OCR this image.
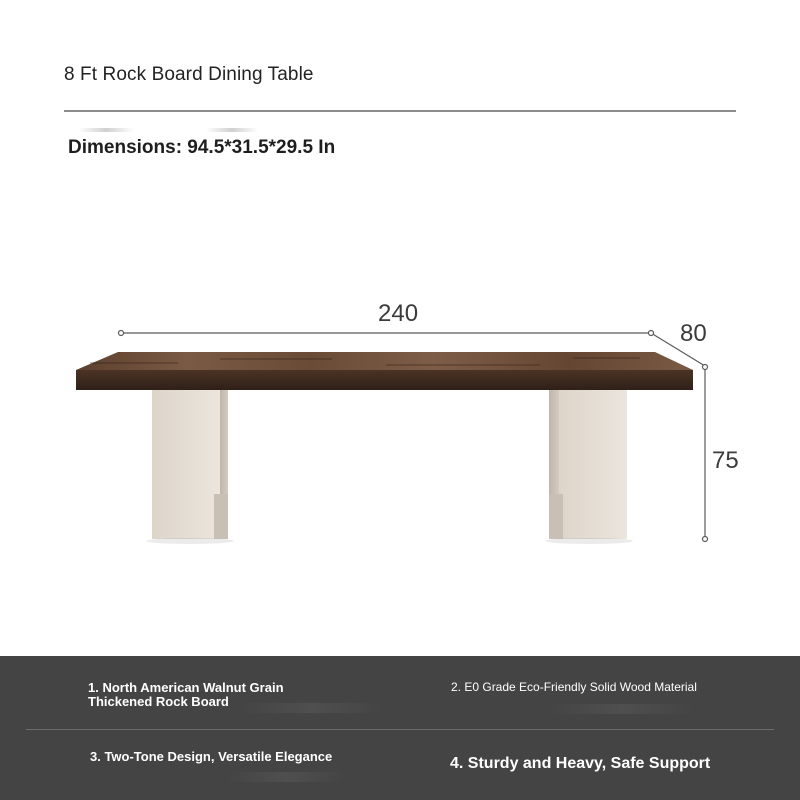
8 Ft Rock Board Dining Table
Dimensions: 94.5*31.5*29.5 In
240
80
75
1. North American Walnut Grain Thickened Rock Board
2. E0 Grade Eco-Friendly Solid Wood Material
3. Two-Tone Design, Versatile Elegance	4. Sturdy and Heavy, Safe Support
